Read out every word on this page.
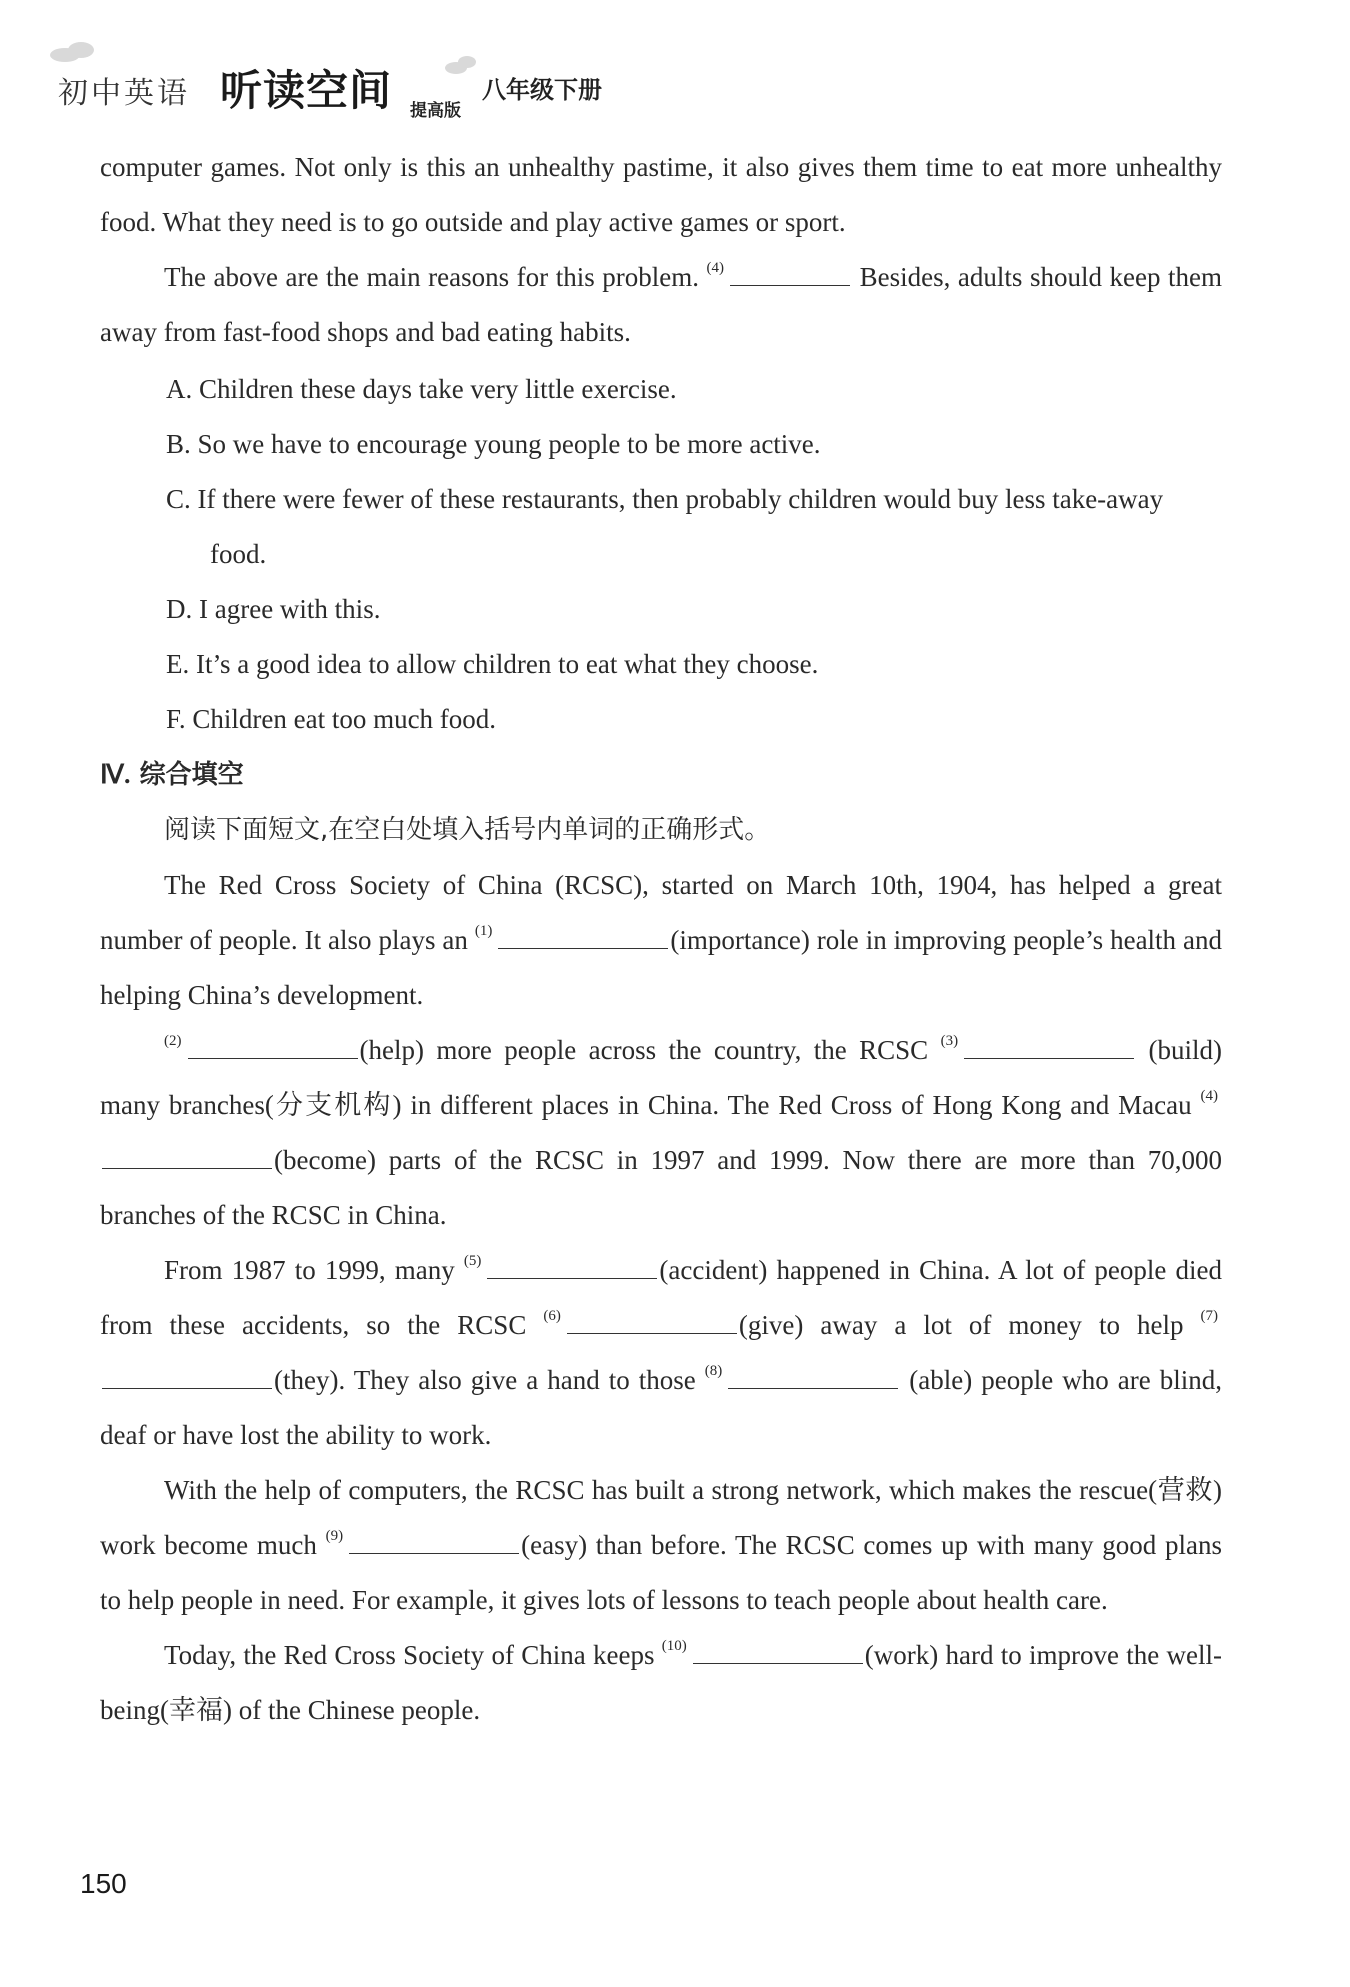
初中英语 听读空间 提高版
八年级下册

computer games. Not only is this an unhealthy pastime, it also gives them time to eat more unhealthy food. What they need is to go outside and play active games or sport.

The above are the main reasons for this problem. $^{(4)}$	Besides, adults should keep them away from fast-food shops and bad eating habits.

A. Children these days take very little exercise.

B. So we have to encourage young people to be more active.

C. If there were fewer of these restaurants, then probably children would buy less take-away food.

D. I agree with this.

E. It’s a good idea to allow children to eat what they choose.

F. Children eat too much food.

Ⅳ. 综合填空
阅读下面短文,在空白处填入括号内单词的正确形式。

The Red Cross Society of China (RCSC), started on March 10th, 1904, has helped a great number of people. It also plays an $^{(1)}$	(importance) role in improving people’s health and helping China’s development.

$^{(2)}$	(help) more people across the country, the RCSC $^{(3)}$	(build) many branches(分支机构) in different places in China. The Red Cross of Hong Kong and Macau $^{(4)}$(become) parts of the RCSC in 1997 and 1999. Now there are more than 70,000 branches of the RCSC in China.

From 1987 to 1999, many $^{(5)}$	(accident) happened in China. A lot of people died from these accidents, so the RCSC $^{(6)}$	(give) away a lot of money to help $^{(7)}$(they). They also give a hand to those $^{(8)}$	(able) people who are blind, deaf or have lost the ability to work.

With the help of computers, the RCSC has built a strong network, which makes the rescue(营救) work become much $^{(9)}$	(easy) than before. The RCSC comes up with many good plans to help people in need. For example, it gives lots of lessons to teach people about health care.

Today, the Red Cross Society of China keeps $^{(10)}$	(work) hard to improve the well-being(幸福) of the Chinese people.

150
